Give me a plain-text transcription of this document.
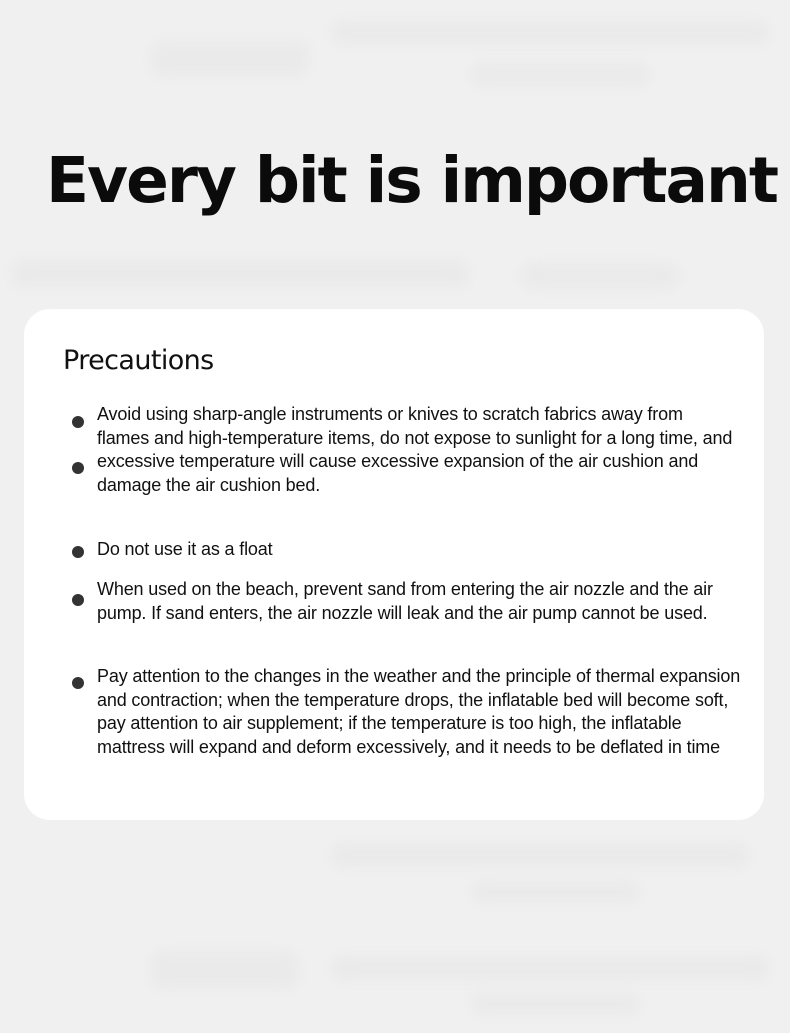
Every bit is important
Precautions
Avoid using sharp-angle instruments or knives to scratch fabrics away from flames and high-temperature items, do not expose to sunlight for a long time, and excessive temperature will cause excessive expansion of the air cushion and damage the air cushion bed.
Do not use it as a float
When used on the beach, prevent sand from entering the air nozzle and the air pump. If sand enters, the air nozzle will leak and the air pump cannot be used.
Pay attention to the changes in the weather and the principle of thermal expansion and contraction; when the temperature drops, the inflatable bed will become soft, pay attention to air supplement; if the temperature is too high, the inflatable mattress will expand and deform excessively, and it needs to be deflated in time
